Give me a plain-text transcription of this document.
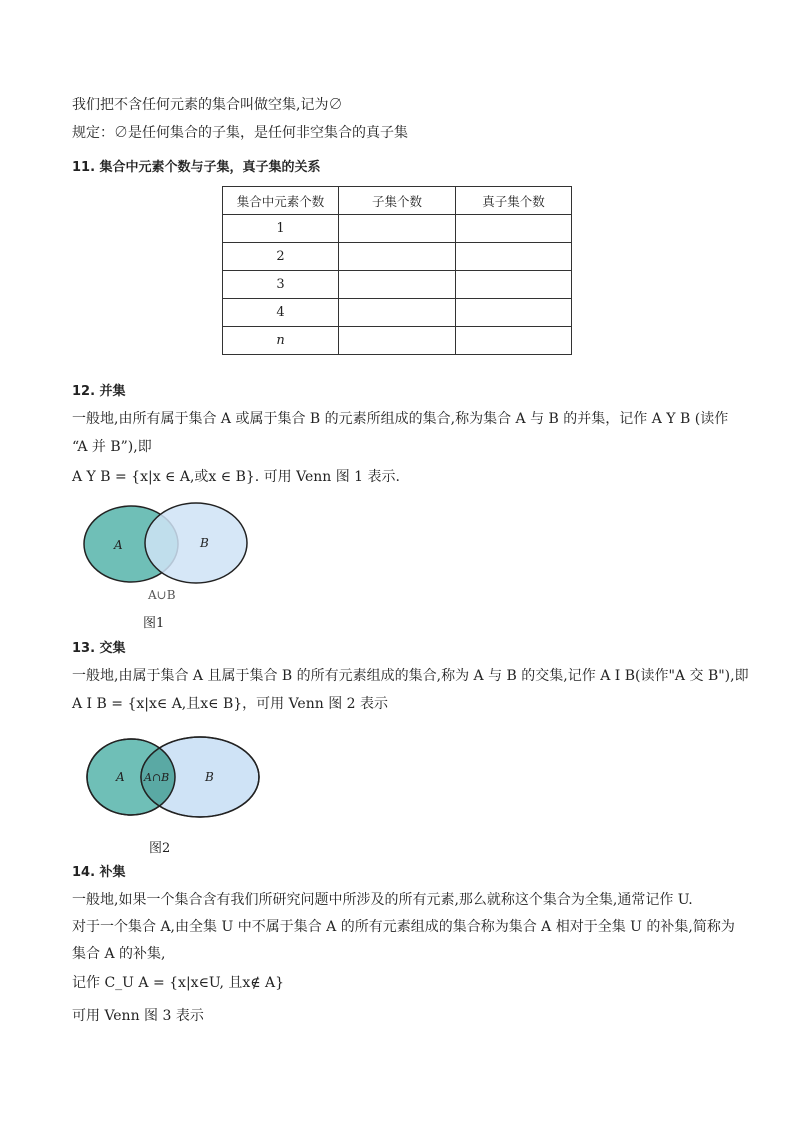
我们把不含任何元素的集合叫做空集,记为∅
规定：∅是任何集合的子集，是任何非空集合的真子集
11. 集合中元素个数与子集，真子集的关系
集合中元素个数	子集个数	真子集个数
1		
2		
3		
4		
n		
12. 并集
一般地,由所有属于集合 A 或属于集合 B 的元素所组成的集合,称为集合 A 与 B 的并集，记作 A Y B (读作
“A 并 B”),即
A Y B = {x|x ∈ A,或x ∈ B}. 可用 Venn 图 1 表示.
A	B
A∪B
图1
13. 交集
一般地,由属于集合 A 且属于集合 B 的所有元素组成的集合,称为 A 与 B 的交集,记作 A I B(读作"A 交 B"),即
A I B = {x|x∈ A,且x∈ B}，可用 Venn 图 2 表示
A A∩B	B
图2
14. 补集
一般地,如果一个集合含有我们所研究问题中所涉及的所有元素,那么就称这个集合为全集,通常记作 U.
对于一个集合 A,由全集 U 中不属于集合 A 的所有元素组成的集合称为集合 A 相对于全集 U 的补集,简称为
集合 A 的补集,
记作 C_U A = {x|x∈U, 且x∉ A}
可用 Venn 图 3 表示
